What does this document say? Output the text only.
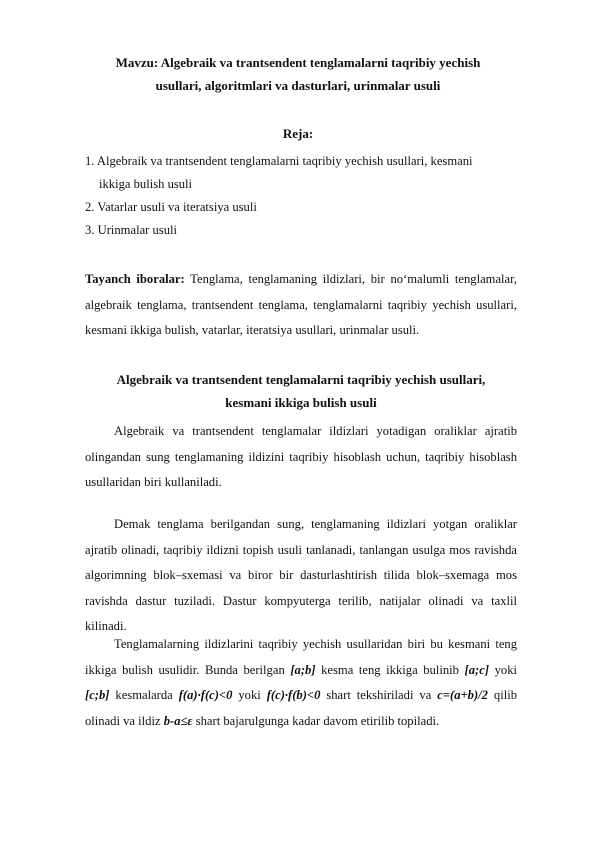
Mavzu: Algebraik va trantsendent tenglamalarni taqribiy yechish
usullari, algoritmlari va dasturlari, urinmalar usuli
Reja:
1. Algebraik va trantsendent tenglamalarni taqribiy yechish usullari, kesmani
ikkiga bulish usuli
2. Vatarlar usuli va iteratsiya usuli
3. Urinmalar usuli
Tayanch iboralar: Tenglama, tenglamaning ildizlari, bir no‘malumli tenglamalar, algebraik tenglama, trantsendent tenglama, tenglamalarni taqribiy yechish usullari, kesmani ikkiga bulish, vatarlar, iteratsiya usullari, urinmalar usuli.
Algebraik va trantsendent tenglamalarni taqribiy yechish usullari,
kesmani ikkiga bulish usuli
Algebraik va trantsendent tenglamalar ildizlari yotadigan oraliklar ajratib olingandan sung tenglamaning ildizini taqribiy hisoblash uchun, taqribiy hisoblash usullaridan biri kullaniladi.
Demak tenglama berilgandan sung, tenglamaning ildizlari yotgan oraliklar ajratib olinadi, taqribiy ildizni topish usuli tanlanadi, tanlangan usulga mos ravishda algorimning blok–sxemasi va biror bir dasturlashtirish tilida blok–sxemaga mos ravishda dastur tuziladi. Dastur kompyuterga terilib, natijalar olinadi va taxlil kilinadi.
Tenglamalarning ildizlarini taqribiy yechish usullaridan biri bu kesmani teng ikkiga bulish usulidir. Bunda berilgan [a;b] kesma teng ikkiga bulinib [a;c] yoki [c;b] kesmalarda f(a)·f(c)<0 yoki f(c)·f(b)<0 shart tekshiriladi va c=(a+b)/2 qilib olinadi va ildiz b-a≤ε shart bajarulgunga kadar davom etirilib topiladi.
